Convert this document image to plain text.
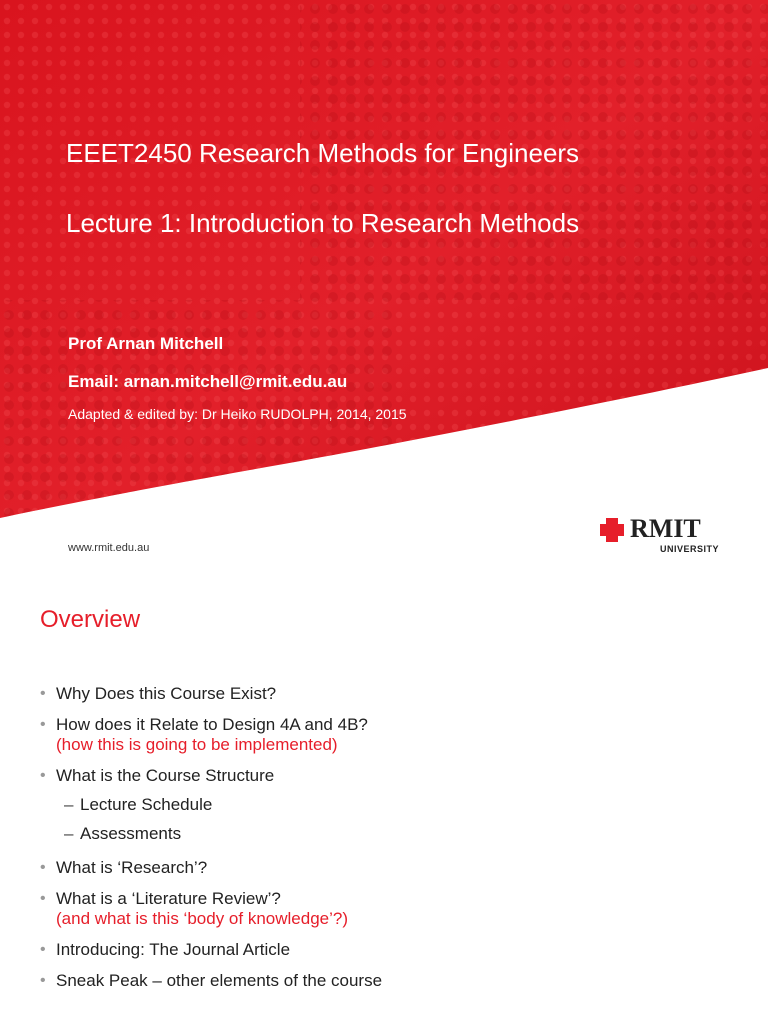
EEET2450 Research Methods for Engineers
Lecture 1: Introduction to Research Methods
Prof Arnan Mitchell
Email: arnan.mitchell@rmit.edu.au
Adapted & edited by: Dr Heiko RUDOLPH, 2014, 2015
www.rmit.edu.au
RMIT
UNIVERSITY
Overview
• Why Does this Course Exist?
• How does it Relate to Design 4A and 4B?
(how this is going to be implemented)
• What is the Course Structure
– Lecture Schedule
– Assessments
• What is ‘Research’?
• What is a ‘Literature Review’?
(and what is this ‘body of knowledge’?)
• Introducing: The Journal Article
• Sneak Peak – other elements of the course
